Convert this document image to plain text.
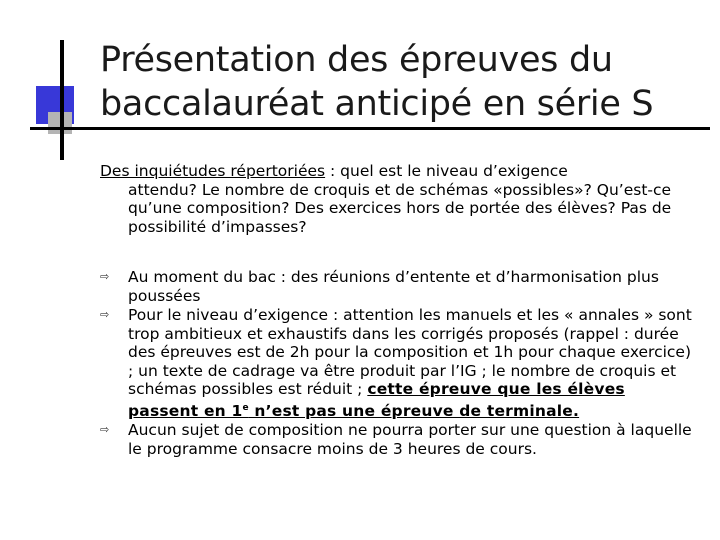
Présentation des épreuves du baccalauréat anticipé en série S
Des inquiétudes répertoriées : quel est le niveau d’exigence
attendu? Le nombre de croquis et de schémas «possibles»? Qu’est-ce qu’une composition? Des exercices hors de portée des élèves? Pas de possibilité d’impasses?
⇨ Au moment du bac : des réunions d’entente et d’harmonisation plus poussées
⇨ Pour le niveau d’exigence : attention les manuels et les « annales » sont trop ambitieux et exhaustifs dans les corrigés proposés (rappel : durée des épreuves est de 2h pour la composition et 1h pour chaque exercice) ; un texte de cadrage va être produit par l’IG ; le nombre de croquis et schémas possibles est réduit ; cette épreuve que les élèves passent en 1e n’est pas une épreuve de terminale.
⇨ Aucun sujet de composition ne pourra porter sur une question à laquelle le programme consacre moins de 3 heures de cours.
